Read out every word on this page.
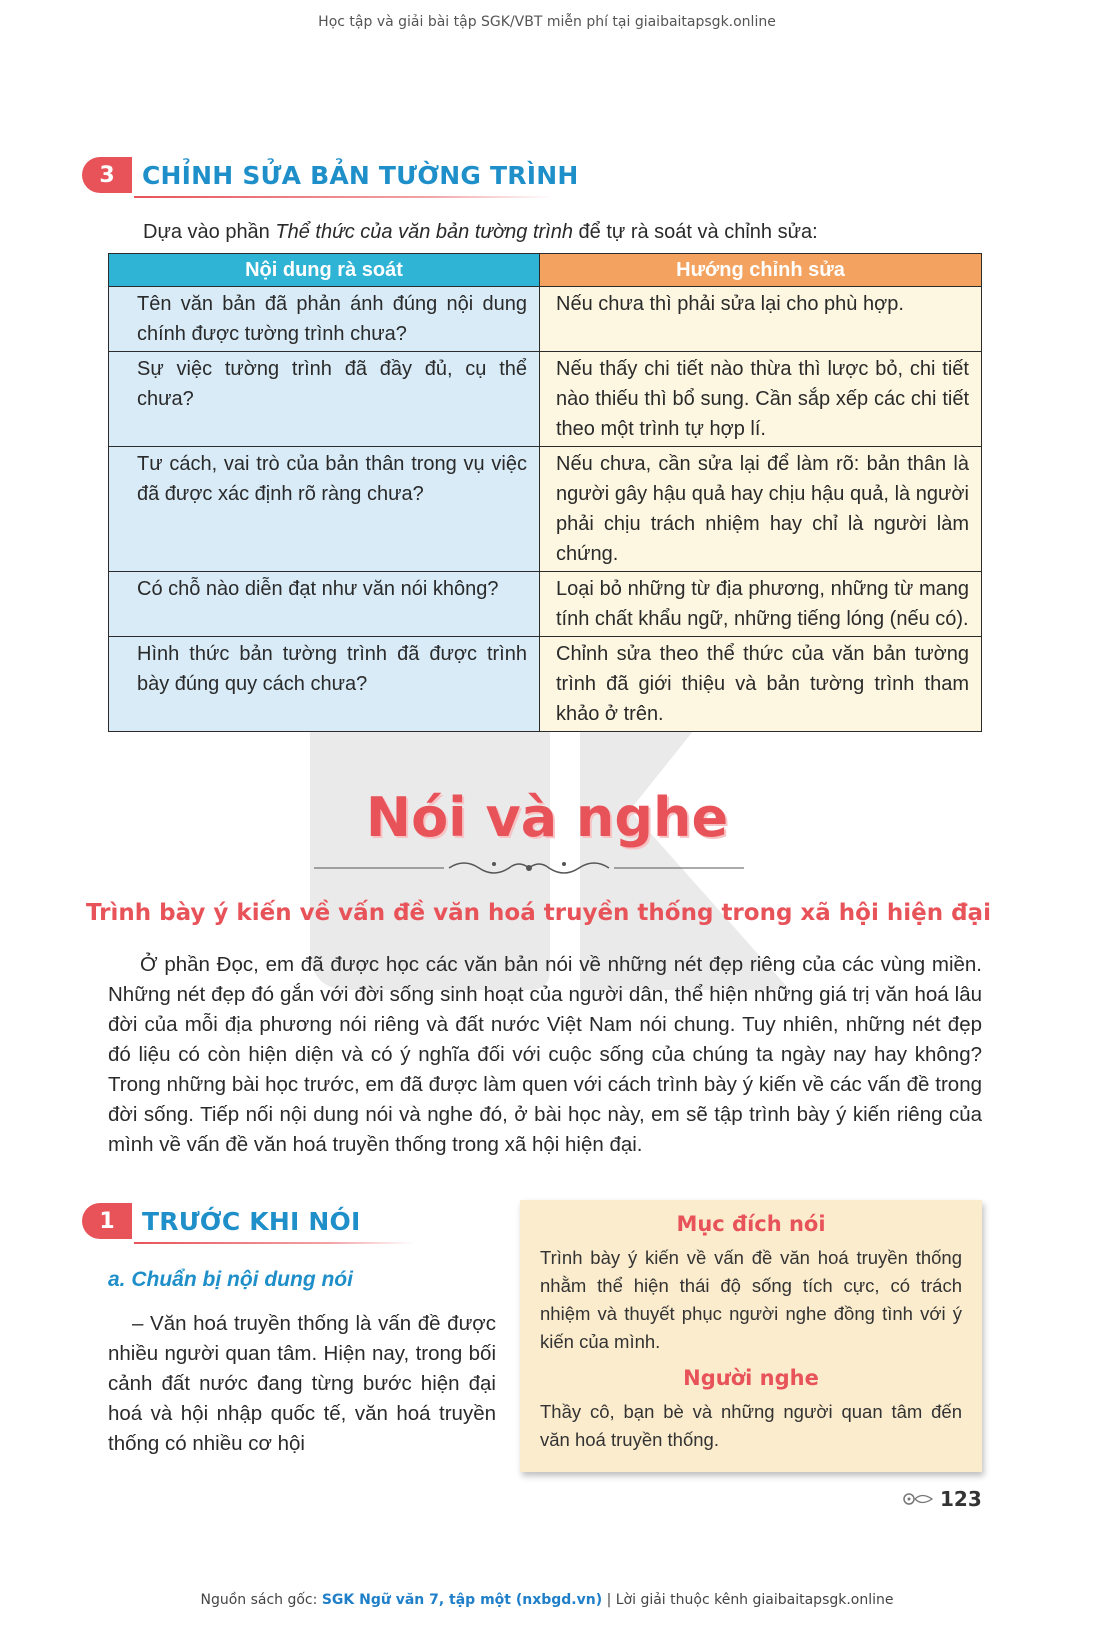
Học tập và giải bài tập SGK/VBT miễn phí tại giaibaitapsgk.online
3	CHỈNH SỬA BẢN TƯỜNG TRÌNH
Dựa vào phần Thể thức của văn bản tường trình để tự rà soát và chỉnh sửa:
Nội dung rà soát	Hướng chỉnh sửa
Tên văn bản đã phản ánh đúng nội dung chính được tường trình chưa?	Nếu chưa thì phải sửa lại cho phù hợp.
Sự việc tường trình đã đầy đủ, cụ thể chưa?	Nếu thấy chi tiết nào thừa thì lược bỏ, chi tiết nào thiếu thì bổ sung. Cần sắp xếp các chi tiết theo một trình tự hợp lí.
Tư cách, vai trò của bản thân trong vụ việc đã được xác định rõ ràng chưa?	Nếu chưa, cần sửa lại để làm rõ: bản thân là người gây hậu quả hay chịu hậu quả, là người phải chịu trách nhiệm hay chỉ là người làm chứng.
Có chỗ nào diễn đạt như văn nói không?	Loại bỏ những từ địa phương, những từ mang tính chất khẩu ngữ, những tiếng lóng (nếu có).
Hình thức bản tường trình đã được trình bày đúng quy cách chưa?	Chỉnh sửa theo thể thức của văn bản tường trình đã giới thiệu và bản tường trình tham khảo ở trên.
Nói và nghe
Trình bày ý kiến về vấn đề văn hoá truyền thống trong xã hội hiện đại

Ở phần Đọc, em đã được học các văn bản nói về những nét đẹp riêng của các vùng miền. Những nét đẹp đó gắn với đời sống sinh hoạt của người dân, thể hiện những giá trị văn hoá lâu đời của mỗi địa phương nói riêng và đất nước Việt Nam nói chung. Tuy nhiên, những nét đẹp đó liệu có còn hiện diện và có ý nghĩa đối với cuộc sống của chúng ta ngày nay hay không? Trong những bài học trước, em đã được làm quen với cách trình bày ý kiến về các vấn đề trong đời sống. Tiếp nối nội dung nói và nghe đó, ở bài học này, em sẽ tập trình bày ý kiến riêng của mình về vấn đề văn hoá truyền thống trong xã hội hiện đại.

1	TRƯỚC KHI NÓI
a. Chuẩn bị nội dung nói

– Văn hoá truyền thống là vấn đề được nhiều người quan tâm. Hiện nay, trong bối cảnh đất nước đang từng bước hiện đại hoá và hội nhập quốc tế, văn hoá truyền thống có nhiều cơ hội

Mục đích nói

Trình bày ý kiến về vấn đề văn hoá truyền thống nhằm thể hiện thái độ sống tích cực, có trách nhiệm và thuyết phục người nghe đồng tình với ý kiến của mình.

Người nghe

Thầy cô, bạn bè và những người quan tâm đến văn hoá truyền thống.

123
Nguồn sách gốc: SGK Ngữ văn 7, tập một (nxbgd.vn) | Lời giải thuộc kênh giaibaitapsgk.online
